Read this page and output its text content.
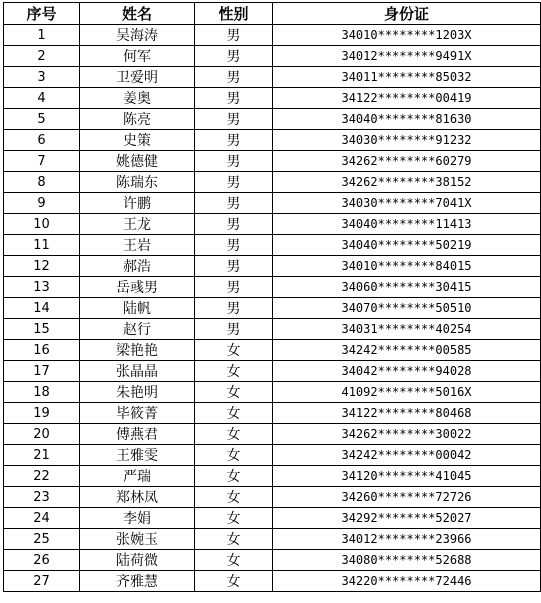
序号	姓名	性别	身份证
1	吴海涛	男	34010********1203X
2	何军	男	34012********9491X
3	卫爱明	男	34011********85032
4	姜奥	男	34122********00419
5	陈亮	男	34040********81630
6	史策	男	34030********91232
7	姚德健	男	34262********60279
8	陈瑞东	男	34262********38152
9	许鹏	男	34030********7041X
10	王龙	男	34040********11413
11	王岩	男	34040********50219
12	郝浩	男	34010********84015
13	岳彧男	男	34060********30415
14	陆帆	男	34070********50510
15	赵行	男	34031********40254
16	梁艳艳	女	34242********00585
17	张晶晶	女	34042********94028
18	朱艳明	女	41092********5016X
19	毕筱菁	女	34122********80468
20	傅燕君	女	34262********30022
21	王雅雯	女	34242********00042
22	严瑞	女	34120********41045
23	郑林凤	女	34260********72726
24	李娟	女	34292********52027
25	张婉玉	女	34012********23966
26	陆荷微	女	34080********52688
27	齐雅慧	女	34220********72446
